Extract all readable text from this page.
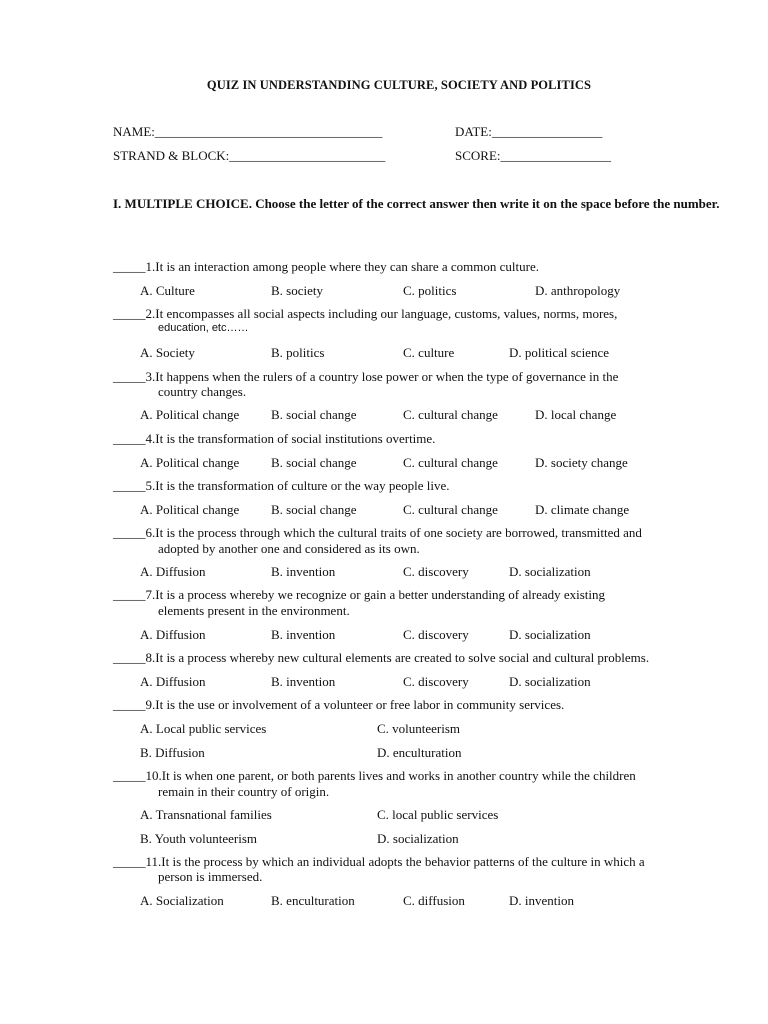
QUIZ IN UNDERSTANDING CULTURE, SOCIETY AND POLITICS
NAME:___________________________________	DATE:_________________
STRAND & BLOCK:________________________	SCORE:_________________
I. MULTIPLE CHOICE. Choose the letter of the correct answer then write it on the space before the number.
_____1.It is an interaction among people where they can share a common culture.
A. Culture	B. society	C. politics	D. anthropology
_____2.It encompasses all social aspects including our language, customs, values, norms, mores,
education, etc……
A. Society	B. politics	C. culture	D. political science
_____3.It happens when the rulers of a country lose power or when the type of governance in the
country changes.
A. Political change B. social change	C. cultural change	D. local change
_____4.It is the transformation of social institutions overtime.
A. Political change B. social change	C. cultural change	D. society change
_____5.It is the transformation of culture or the way people live.
A. Political change B. social change	C. cultural change	D. climate change
_____6.It is the process through which the cultural traits of one society are borrowed, transmitted and
adopted by another one and considered as its own.
A. Diffusion	B. invention	C. discovery	D. socialization
_____7.It is a process whereby we recognize or gain a better understanding of already existing
elements present in the environment.
A. Diffusion	B. invention	C. discovery	D. socialization
_____8.It is a process whereby new cultural elements are created to solve social and cultural problems.
A. Diffusion	B. invention	C. discovery	D. socialization
_____9.It is the use or involvement of a volunteer or free labor in community services.
A. Local public services	C. volunteerism
B. Diffusion	D. enculturation
_____10.It is when one parent, or both parents lives and works in another country while the children
remain in their country of origin.
A. Transnational families	C. local public services
B. Youth volunteerism	D. socialization
_____11.It is the process by which an individual adopts the behavior patterns of the culture in which a
person is immersed.
A. Socialization	B. enculturation	C. diffusion	D. invention
